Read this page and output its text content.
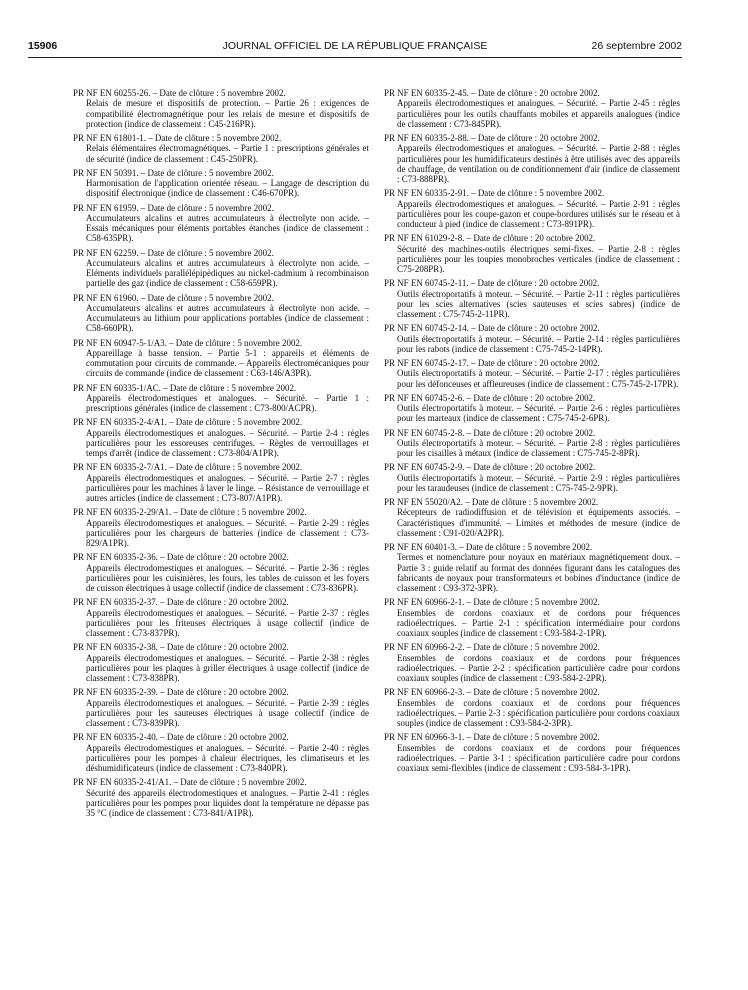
15906	JOURNAL OFFICIEL DE LA RÉPUBLIQUE FRANÇAISE	26 septembre 2002
PR NF EN 60255-26. – Date de clôture : 5 novembre 2002.
Relais de mesure et dispositifs de protection. – Partie 26 : exigences de compatibilité électromagnétique pour les relais de mesure et dispositifs de protection (indice de classement : C45-216PR).
PR NF EN 61801-1. – Date de clôture : 5 novembre 2002.
Relais élémentaires électromagnétiques. – Partie 1 : prescriptions générales et de sécurité (indice de classement : C45-250PR).
PR NF EN 50391. – Date de clôture : 5 novembre 2002.
Harmonisation de l'application orientée réseau. – Langage de description du dispositif électronique (indice de classement : C46-670PR).
PR NF EN 61959. – Date de clôture : 5 novembre 2002.
Accumulateurs alcalins et autres accumulateurs à électrolyte non acide. – Essais mécaniques pour éléments portables étanches (indice de classement : C58-635PR).
PR NF EN 62259. – Date de clôture : 5 novembre 2002.
Accumulateurs alcalins et autres accumulateurs à électrolyte non acide. – Eléments individuels parallélépipèdiques au nickel-cadmium à recombinaison partielle des gaz (indice de classement : C58-659PR).
PR NF EN 61960. – Date de clôture : 5 novembre 2002.
Accumulateurs alcalins et autres accumulateurs à électrolyte non acide. – Accumulateurs au lithium pour applications portables (indice de classement : C58-660PR).
PR NF EN 60947-5-1/A3. – Date de clôture : 5 novembre 2002.
Appareillage à basse tension. – Partie 5-1 : appareils et éléments de commutation pour circuits de commande. – Appareils électromécaniques pour circuits de commande (indice de classement : C63-146/A3PR).
PR NF EN 60335-1/AC. – Date de clôture : 5 novembre 2002.
Appareils électrodomestiques et analogues. – Sécurité. – Partie 1 : prescriptions générales (indice de classement : C73-800/ACPR).
PR NF EN 60335-2-4/A1. – Date de clôture : 5 novembre 2002.
Appareils électrodomestiques et analogues. – Sécurité. – Partie 2-4 : règles particulières pour les essoreuses centrifuges. – Règles de verrouillages et temps d'arrêt (indice de classement : C73-804/A1PR).
PR NF EN 60335-2-7/A1. – Date de clôture : 5 novembre 2002.
Appareils électrodomestiques et analogues. – Sécurité. – Partie 2-7 : règles particulières pour les machines à laver le linge. – Résistance de verrouillage et autres articles (indice de classement : C73-807/A1PR).
PR NF EN 60335-2-29/A1. – Date de clôture : 5 novembre 2002.
Appareils électrodomestiques et analogues. – Sécurité. – Partie 2-29 : règles particulières pour les chargeurs de batteries (indice de classement : C73-829/A1PR).
PR NF EN 60335-2-36. – Date de clôture : 20 octobre 2002.
Appareils électrodomestiques et analogues. – Sécurité. – Partie 2-36 : règles particulières pour les cuisinières, les fours, les tables de cuisson et les foyers de cuisson électriques à usage collectif (indice de classement : C73-836PR).
PR NF EN 60335-2-37. – Date de clôture : 20 octobre 2002.
Appareils électrodomestiques et analogues. – Sécurité. – Partie 2-37 : règles particulières pour les friteuses électriques à usage collectif (indice de classement : C73-837PR).
PR NF EN 60335-2-38. – Date de clôture : 20 octobre 2002.
Appareils électrodomestiques et analogues. – Sécurité. – Partie 2-38 : règles particulières pour les plaques à griller électriques à usage collectif (indice de classement : C73-838PR).
PR NF EN 60335-2-39. – Date de clôture : 20 octobre 2002.
Appareils électrodomestiques et analogues. – Sécurité. – Partie 2-39 : règles particulières pour les sauteuses électriques à usage collectif (indice de classement : C73-839PR).
PR NF EN 60335-2-40. – Date de clôture : 20 octobre 2002.
Appareils électrodomestiques et analogues. – Sécurité. – Partie 2-40 : règles particulières pour les pompes à chaleur électriques, les climatiseurs et les déshumidificateurs (indice de classement : C73-840PR).
PR NF EN 60335-2-41/A1. – Date de clôture : 5 novembre 2002.
Sécurité des appareils électrodomestiques et analogues. – Partie 2-41 : règles particulières pour les pompes pour liquides dont la température ne dépasse pas 35 °C (indice de classement : C73-841/A1PR).
PR NF EN 60335-2-45. – Date de clôture : 20 octobre 2002.
Appareils électrodomestiques et analogues. – Sécurité. – Partie 2-45 : règles particulières pour les outils chauffants mobiles et appareils analogues (indice de classement : C73-845PR).
PR NF EN 60335-2-88. – Date de clôture : 20 octobre 2002.
Appareils électrodomestiques et analogues. – Sécurité. – Partie 2-88 : règles particulières pour les humidificateurs destinés à être utilisés avec des appareils de chauffage, de ventilation ou de conditionnement d'air (indice de classement : C73-888PR).
PR NF EN 60335-2-91. – Date de clôture : 5 novembre 2002.
Appareils électrodomestiques et analogues. – Sécurité. – Partie 2-91 : règles particulières pour les coupe-gazon et coupe-bordures utilisés sur le réseau et à conducteur à pied (indice de classement : C73-891PR).
PR NF EN 61029-2-8. – Date de clôture : 20 octobre 2002.
Sécurité des machines-outils électriques semi-fixes. – Partie 2-8 : règles particulières pour les toupies monobroches verticales (indice de classement : C75-208PR).
PR NF EN 60745-2-11. – Date de clôture : 20 octobre 2002.
Outils électroportatifs à moteur. – Sécurité. – Partie 2-11 : règles particulières pour les scies alternatives (scies sauteuses et scies sabres) (indice de classement : C75-745-2-11PR).
PR NF EN 60745-2-14. – Date de clôture : 20 octobre 2002.
Outils électroportatifs à moteur. – Sécurité. – Partie 2-14 : règles particulières pour les rabots (indice de classement : C75-745-2-14PR).
PR NF EN 60745-2-17. – Date de clôture : 20 octobre 2002.
Outils électroportatifs à moteur. – Sécurité. – Partie 2-17 : règles particulières pour les défonceuses et affleureuses (indice de classement : C75-745-2-17PR).
PR NF EN 60745-2-6. – Date de clôture : 20 octobre 2002.
Outils électroportatifs à moteur. – Sécurité. – Partie 2-6 : règles particulières pour les marteaux (indice de classement : C75-745-2-6PR).
PR NF EN 60745-2-8. – Date de clôture : 20 octobre 2002.
Outils électroportatifs à moteur. – Sécurité. – Partie 2-8 : règles particulières pour les cisailles à métaux (indice de classement : C75-745-2-8PR).
PR NF EN 60745-2-9. – Date de clôture : 20 octobre 2002.
Outils électroportatifs à moteur. – Sécurité. – Partie 2-9 : règles particulières pour les taraudeuses (indice de classement : C75-745-2-9PR).
PR NF EN 55020/A2. – Date de clôture : 5 novembre 2002.
Récepteurs de radiodiffusion et de télévision et équipements associés. – Caractéristiques d'immunité. – Limites et méthodes de mesure (indice de classement : C91-020/A2PR).
PR NF EN 60401-3. – Date de clôture : 5 novembre 2002.
Termes et nomenclature pour noyaux en matériaux magnétiquement doux. – Partie 3 : guide relatif au format des données figurant dans les catalogues des fabricants de noyaux pour transformateurs et bobines d'inductance (indice de classement : C93-372-3PR).
PR NF EN 60966-2-1. – Date de clôture : 5 novembre 2002.
Ensembles de cordons coaxiaux et de cordons pour fréquences radioélectriques. – Partie 2-1 : spécification intermédiaire pour cordons coaxiaux souples (indice de classement : C93-584-2-1PR).
PR NF EN 60966-2-2. – Date de clôture : 5 novembre 2002.
Ensembles de cordons coaxiaux et de cordons pour fréquences radioélectriques. – Partie 2-2 : spécification particulière cadre pour cordons coaxiaux souples (indice de classement : C93-584-2-2PR).
PR NF EN 60966-2-3. – Date de clôture : 5 novembre 2002.
Ensembles de cordons coaxiaux et de cordons pour fréquences radioélectriques. – Partie 2-3 : spécification particulière pour cordons coaxiaux souples (indice de classement : C93-584-2-3PR).
PR NF EN 60966-3-1. – Date de clôture : 5 novembre 2002.
Ensembles de cordons coaxiaux et de cordons pour fréquences radioélectriques. – Partie 3-1 : spécification particulière cadre pour cordons coaxiaux semi-flexibles (indice de classement : C93-584-3-1PR).
